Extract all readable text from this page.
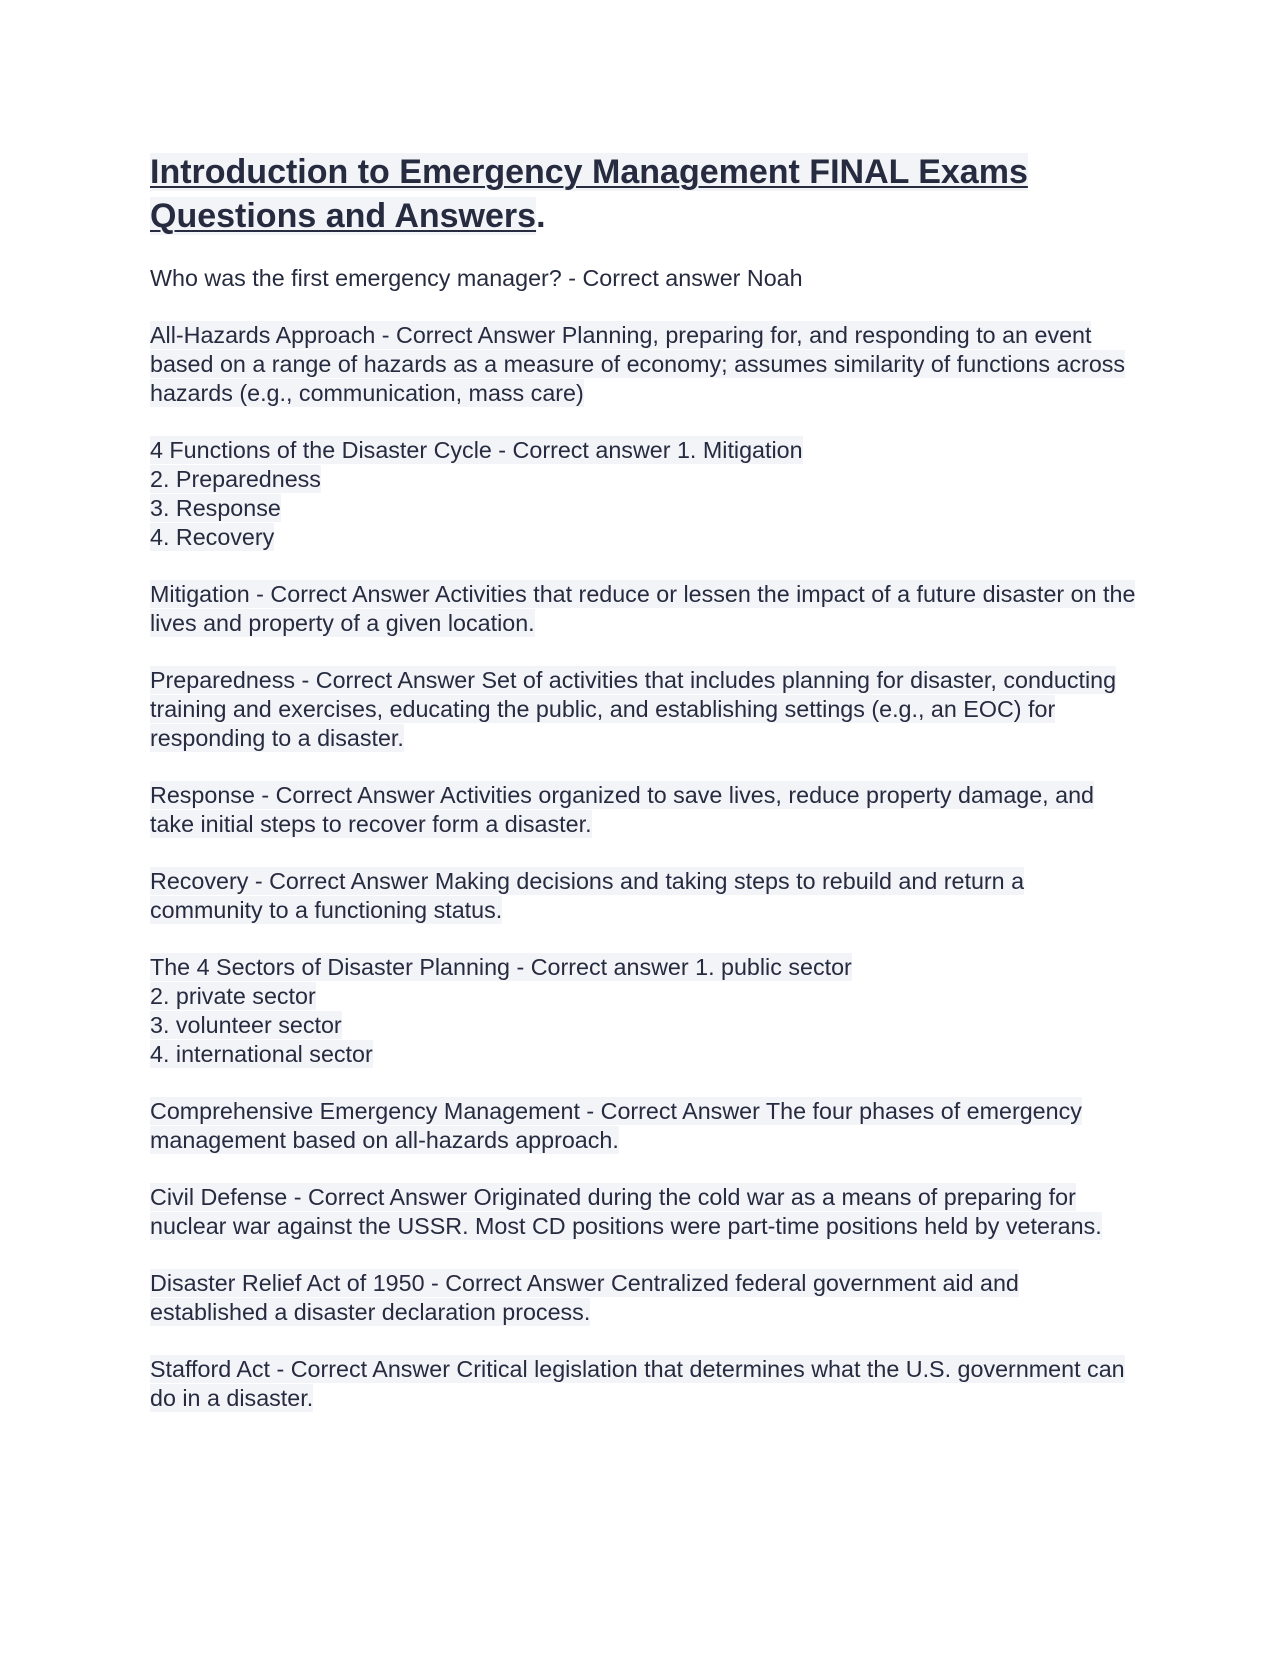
Introduction to Emergency Management FINAL Exams Questions and Answers.

Who was the first emergency manager? - Correct answer Noah

All-Hazards Approach - Correct Answer Planning, preparing for, and responding to an event based on a range of hazards as a measure of economy; assumes similarity of functions across hazards (e.g., communication, mass care)

4 Functions of the Disaster Cycle - Correct answer 1. Mitigation
2. Preparedness
3. Response
4. Recovery

Mitigation - Correct Answer Activities that reduce or lessen the impact of a future disaster on the lives and property of a given location.

Preparedness - Correct Answer Set of activities that includes planning for disaster, conducting training and exercises, educating the public, and establishing settings (e.g., an EOC) for responding to a disaster.

Response - Correct Answer Activities organized to save lives, reduce property damage, and take initial steps to recover form a disaster.

Recovery - Correct Answer Making decisions and taking steps to rebuild and return a community to a functioning status.

The 4 Sectors of Disaster Planning - Correct answer 1. public sector
2. private sector
3. volunteer sector
4. international sector

Comprehensive Emergency Management - Correct Answer The four phases of emergency management based on all-hazards approach.

Civil Defense - Correct Answer Originated during the cold war as a means of preparing for nuclear war against the USSR. Most CD positions were part-time positions held by veterans.

Disaster Relief Act of 1950 - Correct Answer Centralized federal government aid and established a disaster declaration process.

Stafford Act - Correct Answer Critical legislation that determines what the U.S. government can do in a disaster.
